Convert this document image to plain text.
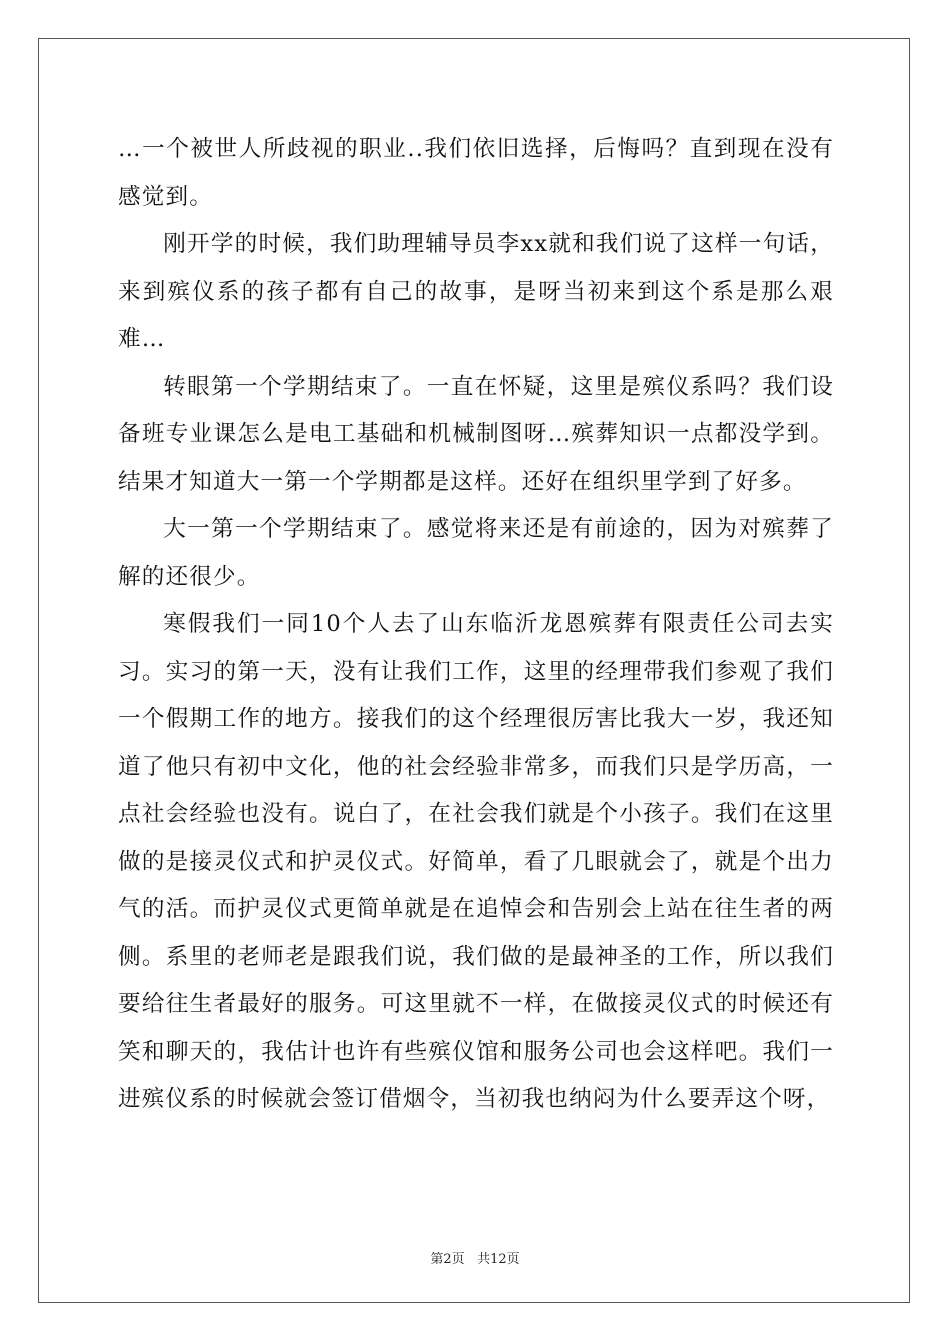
…一个被世人所歧视的职业..我们依旧选择，后悔吗？直到现在没有感觉到。

刚开学的时候，我们助理辅导员李xx就和我们说了这样一句话，来到殡仪系的孩子都有自己的故事，是呀当初来到这个系是那么艰难…

转眼第一个学期结束了。一直在怀疑，这里是殡仪系吗？我们设备班专业课怎么是电工基础和机械制图呀…殡葬知识一点都没学到。结果才知道大一第一个学期都是这样。还好在组织里学到了好多。

大一第一个学期结束了。感觉将来还是有前途的，因为对殡葬了解的还很少。

寒假我们一同10个人去了山东临沂龙恩殡葬有限责任公司去实习。实习的第一天，没有让我们工作，这里的经理带我们参观了我们一个假期工作的地方。接我们的这个经理很厉害比我大一岁，我还知道了他只有初中文化，他的社会经验非常多，而我们只是学历高，一点社会经验也没有。说白了，在社会我们就是个小孩子。我们在这里做的是接灵仪式和护灵仪式。好简单，看了几眼就会了，就是个出力气的活。而护灵仪式更简单就是在追悼会和告别会上站在往生者的两侧。系里的老师老是跟我们说，我们做的是最神圣的工作，所以我们要给往生者最好的服务。可这里就不一样，在做接灵仪式的时候还有笑和聊天的，我估计也许有些殡仪馆和服务公司也会这样吧。我们一进殡仪系的时候就会签订借烟令，当初我也纳闷为什么要弄这个呀，

第2页 共12页
